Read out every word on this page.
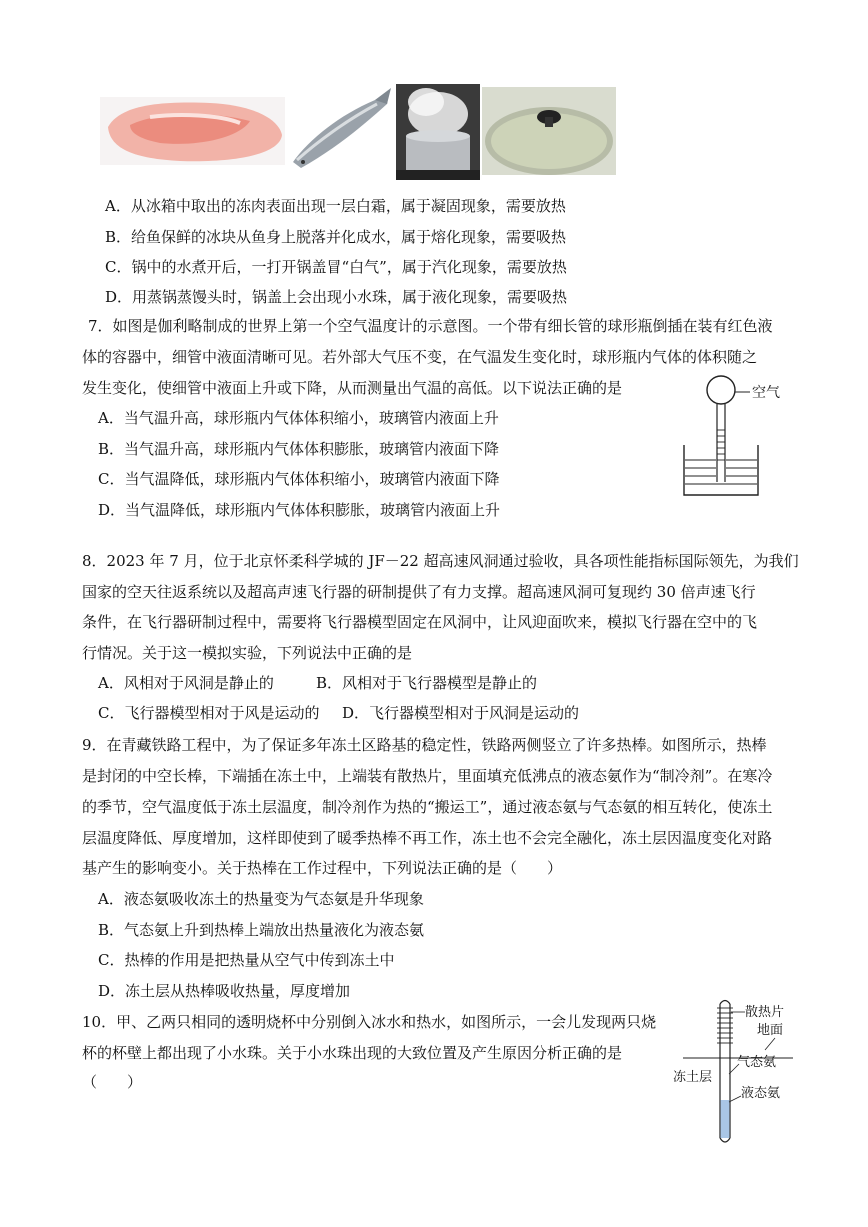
A．从冰箱中取出的冻肉表面出现一层白霜，属于凝固现象，需要放热
B．给鱼保鲜的冰块从鱼身上脱落并化成水，属于熔化现象，需要吸热
C．锅中的水煮开后，一打开锅盖冒“白气”，属于汽化现象，需要放热
D．用蒸锅蒸馒头时，锅盖上会出现小水珠，属于液化现象，需要吸热
7．如图是伽利略制成的世界上第一个空气温度计的示意图。一个带有细长管的球形瓶倒插在装有红色液
体的容器中，细管中液面清晰可见。若外部大气压不变，在气温发生变化时，球形瓶内气体的体积随之
发生变化，使细管中液面上升或下降，从而测量出气温的高低。以下说法正确的是
A．当气温升高，球形瓶内气体体积缩小，玻璃管内液面上升
B．当气温升高，球形瓶内气体体积膨胀，玻璃管内液面下降
C．当气温降低，球形瓶内气体体积缩小，玻璃管内液面下降
D．当气温降低，球形瓶内气体体积膨胀，玻璃管内液面上升
空气
8．2023 年 7 月，位于北京怀柔科学城的 JF－22 超高速风洞通过验收，具各项性能指标国际领先，为我们
国家的空天往返系统以及超高声速飞行器的研制提供了有力支撑。超高速风洞可复现约 30 倍声速飞行
条件，在飞行器研制过程中，需要将飞行器模型固定在风洞中，让风迎面吹来，模拟飞行器在空中的飞
行情况。关于这一模拟实验，下列说法中正确的是
A．风相对于风洞是静止的	B．风相对于飞行器模型是静止的
C．飞行器模型相对于风是运动的 D．飞行器模型相对于风洞是运动的
9．在青藏铁路工程中，为了保证多年冻土区路基的稳定性，铁路两侧竖立了许多热棒。如图所示，热棒
是封闭的中空长棒，下端插在冻土中，上端装有散热片，里面填充低沸点的液态氨作为“制冷剂”。在寒冷
的季节，空气温度低于冻土层温度，制冷剂作为热的“搬运工”，通过液态氨与气态氨的相互转化，使冻土
层温度降低、厚度增加，这样即使到了暖季热棒不再工作，冻土也不会完全融化，冻土层因温度变化对路
基产生的影响变小。关于热棒在工作过程中，下列说法正确的是（　　）
A．液态氨吸收冻土的热量变为气态氨是升华现象
B．气态氨上升到热棒上端放出热量液化为液态氨
C．热棒的作用是把热量从空气中传到冻土中
D．冻土层从热棒吸收热量，厚度增加
10．甲、乙两只相同的透明烧杯中分别倒入冰水和热水，如图所示，一会儿发现两只烧
杯的杯壁上都出现了小水珠。关于小水珠出现的大致位置及产生原因分析正确的是
（　　）
散热片
地面
气态氨
冻土层
液态氨
